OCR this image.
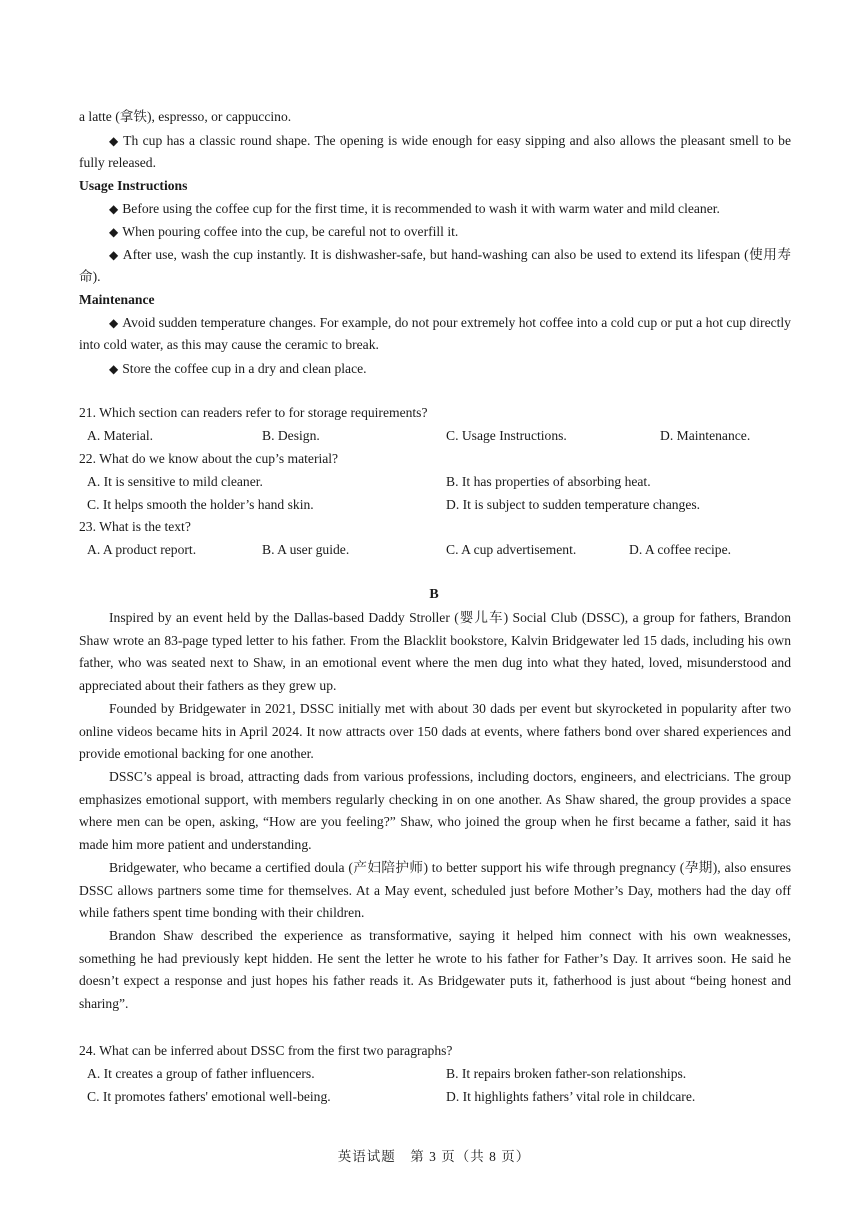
a latte (拿铁), espresso, or cappuccino.
◆ Th cup has a classic round shape. The opening is wide enough for easy sipping and also allows the pleasant smell to be fully released.
Usage Instructions
◆ Before using the coffee cup for the first time, it is recommended to wash it with warm water and mild cleaner.
◆ When pouring coffee into the cup, be careful not to overfill it.
◆ After use, wash the cup instantly. It is dishwasher-safe, but hand-washing can also be used to extend its lifespan (使用寿命).
Maintenance
◆ Avoid sudden temperature changes. For example, do not pour extremely hot coffee into a cold cup or put a hot cup directly into cold water, as this may cause the ceramic to break.
◆ Store the coffee cup in a dry and clean place.
21. Which section can readers refer to for storage requirements?
A. Material.	B. Design.	C. Usage Instructions.	D. Maintenance.
22. What do we know about the cup’s material?
A. It is sensitive to mild cleaner.	B. It has properties of absorbing heat.
C. It helps smooth the holder’s hand skin.	D. It is subject to sudden temperature changes.
23. What is the text?
A. A product report.	B. A user guide.	C. A cup advertisement.	D. A coffee recipe.
B
Inspired by an event held by the Dallas-based Daddy Stroller (婴儿车) Social Club (DSSC), a group for fathers, Brandon Shaw wrote an 83-page typed letter to his father. From the Blacklit bookstore, Kalvin Bridgewater led 15 dads, including his own father, who was seated next to Shaw, in an emotional event where the men dug into what they hated, loved, misunderstood and appreciated about their fathers as they grew up.
Founded by Bridgewater in 2021, DSSC initially met with about 30 dads per event but skyrocketed in popularity after two online videos became hits in April 2024. It now attracts over 150 dads at events, where fathers bond over shared experiences and provide emotional backing for one another.
DSSC’s appeal is broad, attracting dads from various professions, including doctors, engineers, and electricians. The group emphasizes emotional support, with members regularly checking in on one another. As Shaw shared, the group provides a space where men can be open, asking, “How are you feeling?” Shaw, who joined the group when he first became a father, said it has made him more patient and understanding.
Bridgewater, who became a certified doula (产妇陪护师) to better support his wife through pregnancy (孕期), also ensures DSSC allows partners some time for themselves. At a May event, scheduled just before Mother’s Day, mothers had the day off while fathers spent time bonding with their children.
Brandon Shaw described the experience as transformative, saying it helped him connect with his own weaknesses, something he had previously kept hidden. He sent the letter he wrote to his father for Father’s Day. It arrives soon. He said he doesn’t expect a response and just hopes his father reads it. As Bridgewater puts it, fatherhood is just about “being honest and sharing”.
24. What can be inferred about DSSC from the first two paragraphs?
A. It creates a group of father influencers.	B. It repairs broken father-son relationships.
C. It promotes fathers' emotional well-being.	D. It highlights fathers’ vital role in childcare.
英语试题　第 3 页（共 8 页）
